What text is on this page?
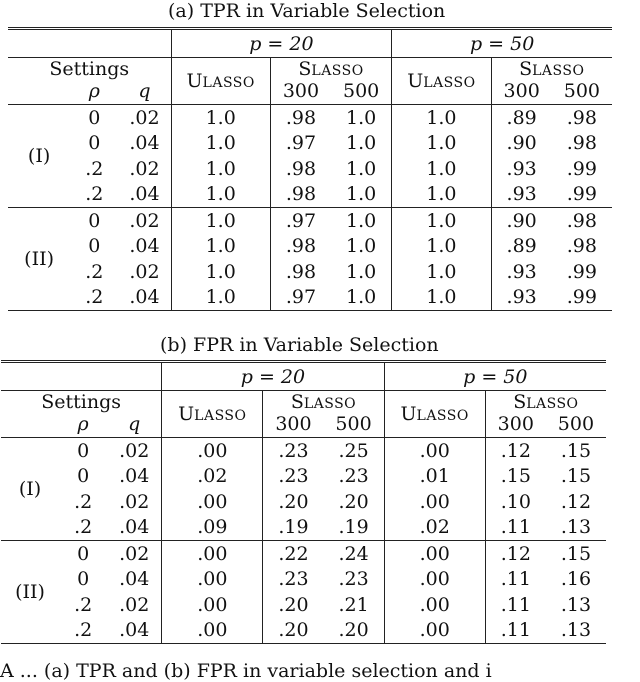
(a) TPR in Variable Selection
			p = 20			p = 50		
Settings			ULASSO	SLASSO		ULASSO	SLASSO	
	ρ	q		300	500		300	500
(I)	0	.02	1.0	.98	1.0	1.0	.89	.98
	0	.04	1.0	.97	1.0	1.0	.90	.98
	.2	.02	1.0	.98	1.0	1.0	.93	.99
	.2	.04	1.0	.98	1.0	1.0	.93	.99
(II)	0	.02	1.0	.97	1.0	1.0	.90	.98
	0	.04	1.0	.98	1.0	1.0	.89	.98
	.2	.02	1.0	.98	1.0	1.0	.93	.99
	.2	.04	1.0	.97	1.0	1.0	.93	.99
(b) FPR in Variable Selection
			p = 20			p = 50		
Settings			ULASSO	SLASSO		ULASSO	SLASSO	
	ρ	q		300	500		300	500
(I)	0	.02	.00	.23	.25	.00	.12	.15
	0	.04	.02	.23	.23	.01	.15	.15
	.2	.02	.00	.20	.20	.00	.10	.12
	.2	.04	.09	.19	.19	.02	.11	.13
(II)	0	.02	.00	.22	.24	.00	.12	.15
	0	.04	.00	.23	.23	.00	.11	.16
	.2	.02	.00	.20	.21	.00	.11	.13
	.2	.04	.00	.20	.20	.00	.11	.13
A ... (a) TPR and (b) FPR in variable selection and i
